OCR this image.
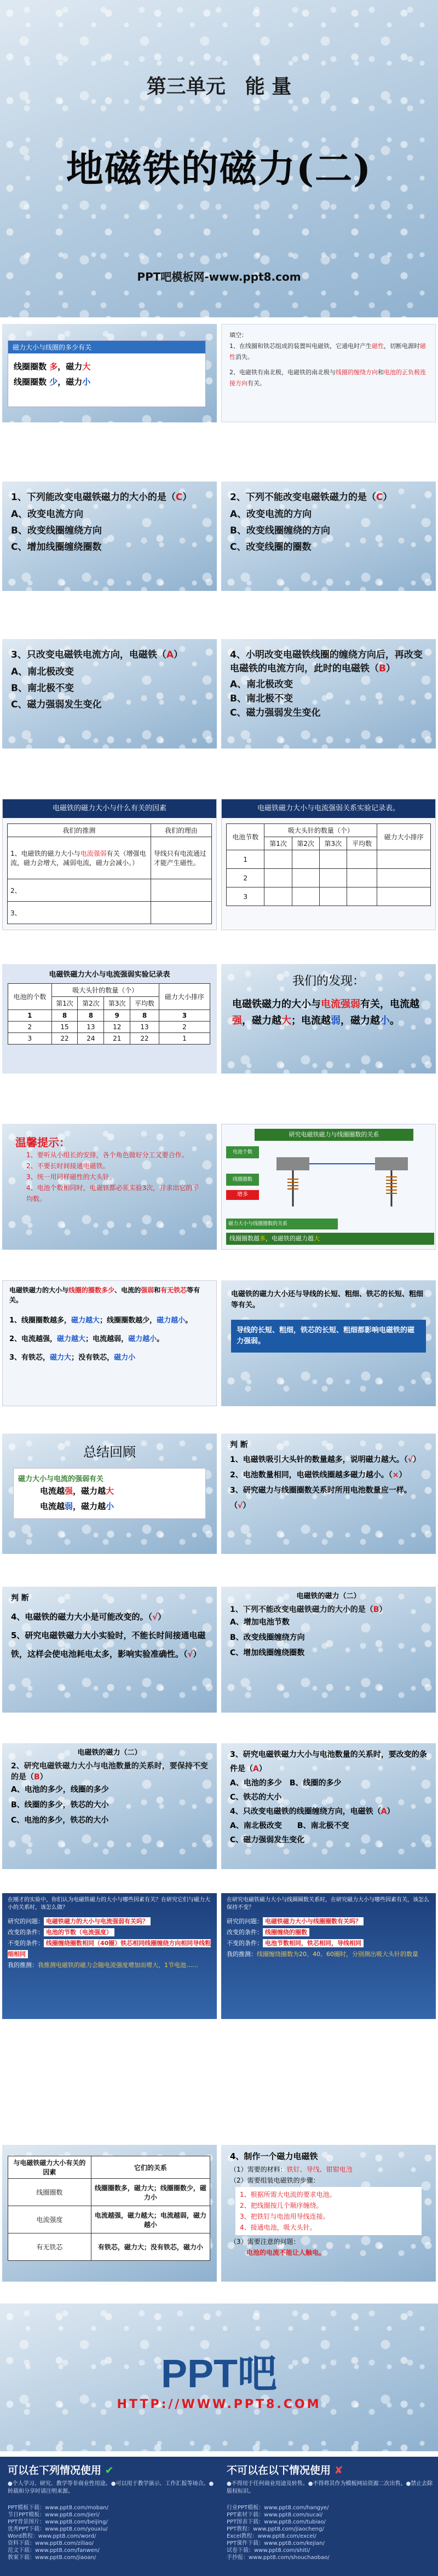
第三单元　能 量
地磁铁的磁力(二)
PPT吧模板网-www.ppt8.com
磁力大小与线圈的多少有关
线圈圈数 多，磁力大
线圈圈数 少，磁力小
填空：
1、在线圈和铁芯组成的装置叫电磁铁，它通电时产生磁性，切断电源时磁性消失。
2、电磁铁有南北极，电磁铁的南北极与线圈的缠绕方向和电池的正负极连接方向有关。
1、下列能改变电磁铁磁力的大小的是（C）
A、改变电流方向
B、改变线圈缠绕方向
C、增加线圈缠绕圈数
2、下列不能改变电磁铁磁力的是（C）
A、改变电流的方向
B、改变线圈缠绕的方向
C、改变线圈的圈数
3、只改变电磁铁电流方向，电磁铁（A）
A、南北极改变
B、南北极不变
C、磁力强弱发生变化
4、小明改变电磁铁线圈的缠绕方向后，再改变电磁铁的电流方向，此时的电磁铁（B）
A、南北极改变
B、南北极不变
C、磁力强弱发生变化
电磁铁的磁力大小与什么有关的因素
我们的推测	我们的理由
1、电磁铁的磁力大小与电流强弱有关（增强电流，磁力会增大，减弱电流，磁力会减小。）	导线只有电流通过才能产生磁性。
2、	
3、	
电磁铁磁力大小与电流强弱关系实验记录表。
电池节数	吸大头针的数量（个）				磁力大小排序
	第1次	第2次	第3次	平均数	
1					
2					
3					
电磁铁磁力大小与电流强弱实验记录表
电池的个数	吸大头针的数量（个）				磁力大小排序
	第1次	第2次	第3次	平均数	
1	8	8	9	8	3
2	15	13	12	13	2
3	22	24	21	22	1
我们的发现：
电磁铁磁力的大小与电流强弱有关，电流越强，磁力越大；电流越弱，磁力越小。
温馨提示：
1、要听从小组长的安排，各个角色做好分工又要合作。
2、不要长时间接通电磁铁。
3、统一用同样磁性的大头针。
4、电池个数相同时，电磁铁都必须实验3次，并求出它的平均数。
研究电磁铁磁力与线圈圈数的关系
电池个数
线圈圈数
增多
磁力大小与线圈圈数的关系
线圈圈数越多，电磁铁的磁力越大
电磁铁磁力的大小与线圈的圈数多少、电流的强弱和有无铁芯等有关。
1、线圈圈数越多，磁力越大；线圈圈数越少，磁力越小。
2、电流越强，磁力越大；电流越弱，磁力越小。
3、有铁芯，磁力大；没有铁芯，磁力小
电磁铁的磁力大小还与导线的长短、粗细、铁芯的长短、粗细等有关。
导线的长短、粗细，铁芯的长短、粗细都影响电磁铁的磁力强弱。
总结回顾
磁力大小与电流的强弱有关
电流越强，磁力越大
电流越弱，磁力越小
判 断
1、电磁铁吸引大头针的数量越多，说明磁力越大。（√）
2、电池数量相同，电磁铁线圈越多磁力越小。（×）
3、研究磁力与线圈圈数关系时所用电池数量应一样。（√）
判 断
4、电磁铁的磁力大小是可能改变的。（√）
5、研究电磁铁磁力大小实验时，不能长时间接通电磁铁，这样会使电池耗电太多，影响实验准确性。（√）
电磁铁的磁力（二）
1、下列不能改变电磁铁磁力的大小的是（B）
A、增加电池节数
B、改变线圈缠绕方向
C、增加线圈缠绕圈数
电磁铁的磁力（二）
2、研究电磁铁磁力大小与电池数量的关系时，要保持不变的是（B）
A、电池的多少，线圈的多少
B、线圈的多少，铁芯的大小
C、电池的多少，铁芯的大小
3、研究电磁铁磁力大小与电池数量的关系时，要改变的条件是（A）
A、电池的多少　B、线圈的多少
C、铁芯的大小
4、只改变电磁铁的线圈缠绕方向，电磁铁（A）
A、南北极改变　　B、南北极不变
C、磁力强弱发生变化
在刚才的实验中，你们认为电磁铁磁力的大小与哪些因素有关？在研究它们与磁力大小的关系时，该怎么做？
研究的问题： 电磁铁磁力的大小与电流强弱有关吗？
改变的条件： 电池的节数（电流强度）
不变的条件： 线圈缠绕圈数相同（40圈）铁芯相同线圈缠绕方向相同导线粗细相同
我的推测：我推测电磁铁的磁力会随电流强度增加而增大，1节电池……
在研究电磁铁磁力大小与线圈圈数关系时，在研究磁力大小与哪些因素有关，该怎么保持不变？
研究的问题： 电磁铁磁力大小与线圈圈数有关吗？
改变的条件： 线圈缠绕的圈数
不变的条件： 电池节数相同，铁芯相同，导线相同
我的推测：线圈缠绕圈数为20、40、60圈时，分别测出吸大头针的数量
与电磁铁磁力大小有关的因素	它们的关系
线圈圈数	线圈圈数多，磁力大；线圈圈数少，磁力小
电流强度	电流越强，磁力越大；电流越弱，磁力越小
有无铁芯	有铁芯，磁力大；没有铁芯，磁力小
4、制作一个磁力电磁铁
（1）需要的材料：铁钉、导线、钳钳电池
（2）需要组装电磁铁的步骤：
1、根据所需大电流的要求电池。
2、把线圈按几个顺序缠绕。
3、把铁钉与电池用导线连接。
4、接通电池，吸大头针。
（3）需要注意的问题：
电池的电流不能让人触电。
PPT吧
HTTP://WWW.PPT8.COM
可以在下列情况使用 ✔

●个人学习、研究、教学等非商业性用途。●可以用于教学演示、工作汇报等场合。●转载和分享时请注明来源。

PPT模板下载：www.ppt8.com/moban/
节日PPT模板：www.ppt8.com/jieri/
PPT背景图片：www.ppt8.com/beijing/
优秀PPT下载：www.ppt8.com/youxiu/
Word教程：www.ppt8.com/word/
资料下载：www.ppt8.com/ziliao/
范文下载：www.ppt8.com/fanwen/
教案下载：www.ppt8.com/jiaoan/
不可以在以下情况使用 ✘

●不得用于任何商业用途及转售。●不得将其作为模板网站资源二次出售。●禁止去除版权标识。

行业PPT模板：www.ppt8.com/hangye/
PPT素材下载：www.ppt8.com/sucai/
PPT图表下载：www.ppt8.com/tubiao/
PPT教程：www.ppt8.com/jiaocheng/
Excel教程：www.ppt8.com/excel/
PPT课件下载：www.ppt8.com/kejian/
试卷下载：www.ppt8.com/shiti/
手抄报：www.ppt8.com/shouchaobao/
